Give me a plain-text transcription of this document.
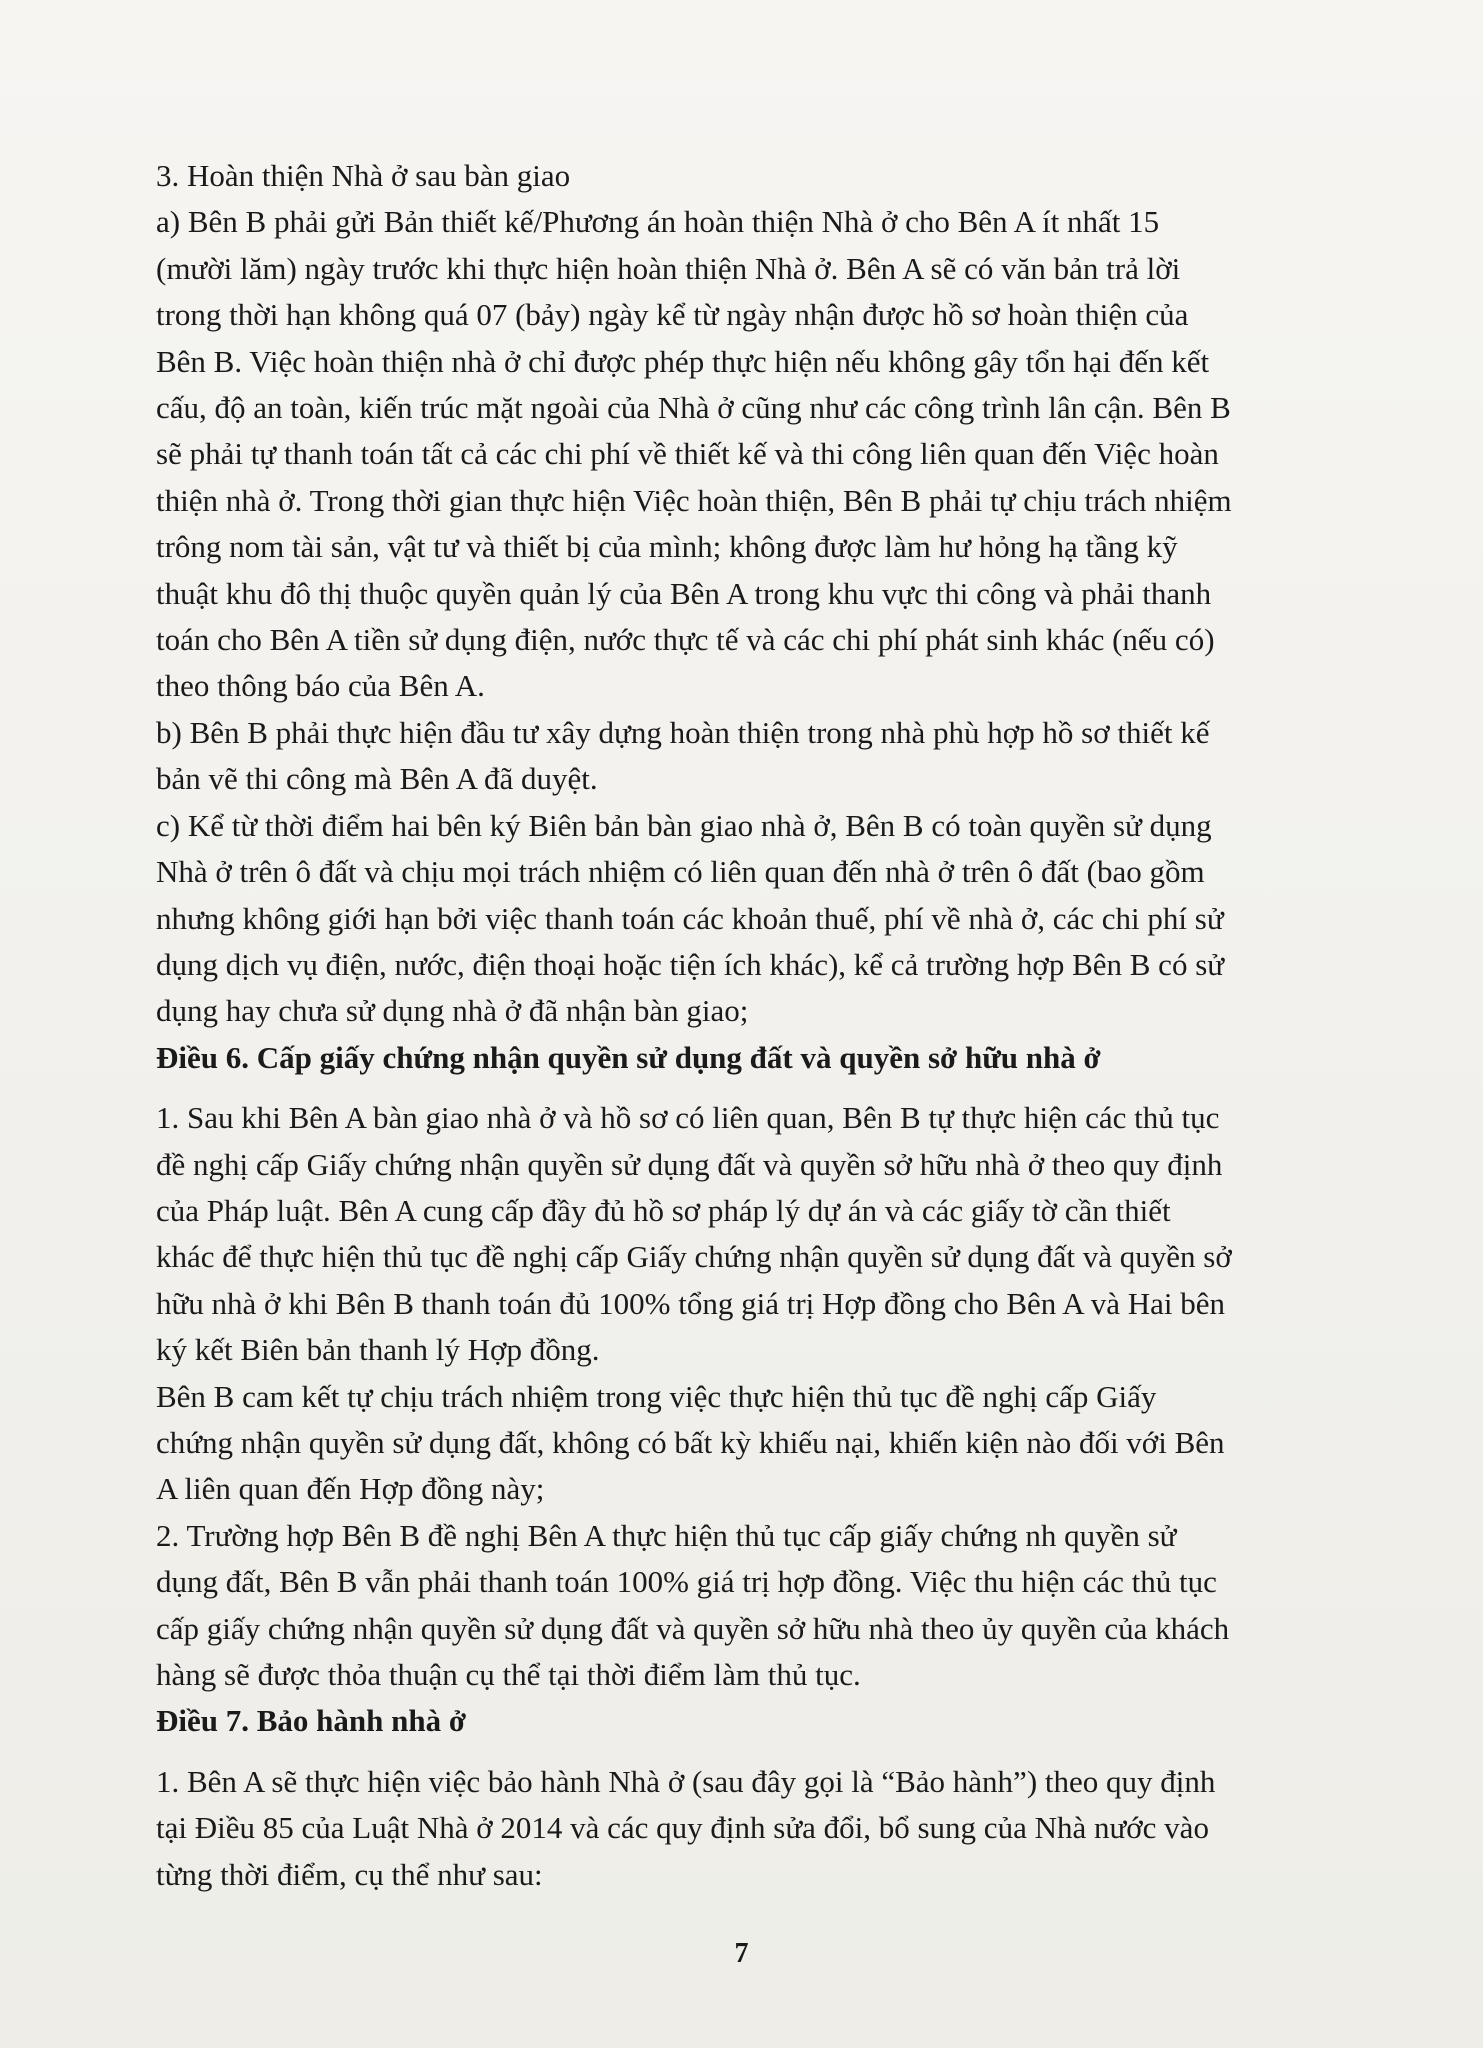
3. Hoàn thiện Nhà ở sau bàn giao

a) Bên B phải gửi Bản thiết kế/Phương án hoàn thiện Nhà ở cho Bên A ít nhất 15

(mười lăm) ngày trước khi thực hiện hoàn thiện Nhà ở. Bên A sẽ có văn bản trả lời

trong thời hạn không quá 07 (bảy) ngày kể từ ngày nhận được hồ sơ hoàn thiện của

Bên B. Việc hoàn thiện nhà ở chỉ được phép thực hiện nếu không gây tổn hại đến kết

cấu, độ an toàn, kiến trúc mặt ngoài của Nhà ở cũng như các công trình lân cận. Bên B

sẽ phải tự thanh toán tất cả các chi phí về thiết kế và thi công liên quan đến Việc hoàn

thiện nhà ở. Trong thời gian thực hiện Việc hoàn thiện, Bên B phải tự chịu trách nhiệm

trông nom tài sản, vật tư và thiết bị của mình; không được làm hư hỏng hạ tầng kỹ

thuật khu đô thị thuộc quyền quản lý của Bên A trong khu vực thi công và phải thanh

toán cho Bên A tiền sử dụng điện, nước thực tế và các chi phí phát sinh khác (nếu có)

theo thông báo của Bên A.

b) Bên B phải thực hiện đầu tư xây dựng hoàn thiện trong nhà phù hợp hồ sơ thiết kế

bản vẽ thi công mà Bên A đã duyệt.

c) Kể từ thời điểm hai bên ký Biên bản bàn giao nhà ở, Bên B có toàn quyền sử dụng

Nhà ở trên ô đất và chịu mọi trách nhiệm có liên quan đến nhà ở trên ô đất (bao gồm

nhưng không giới hạn bởi việc thanh toán các khoản thuế, phí về nhà ở, các chi phí sử

dụng dịch vụ điện, nước, điện thoại hoặc tiện ích khác), kể cả trường hợp Bên B có sử

dụng hay chưa sử dụng nhà ở đã nhận bàn giao;

Điều 6. Cấp giấy chứng nhận quyền sử dụng đất và quyền sở hữu nhà ở

1. Sau khi Bên A bàn giao nhà ở và hồ sơ có liên quan, Bên B tự thực hiện các thủ tục

đề nghị cấp Giấy chứng nhận quyền sử dụng đất và quyền sở hữu nhà ở theo quy định

của Pháp luật. Bên A cung cấp đầy đủ hồ sơ pháp lý dự án và các giấy tờ cần thiết

khác để thực hiện thủ tục đề nghị cấp Giấy chứng nhận quyền sử dụng đất và quyền sở

hữu nhà ở khi Bên B thanh toán đủ 100% tổng giá trị Hợp đồng cho Bên A và Hai bên

ký kết Biên bản thanh lý Hợp đồng.

Bên B cam kết tự chịu trách nhiệm trong việc thực hiện thủ tục đề nghị cấp Giấy

chứng nhận quyền sử dụng đất, không có bất kỳ khiếu nại, khiến kiện nào đối với Bên

A liên quan đến Hợp đồng này;

2. Trường hợp Bên B đề nghị Bên A thực hiện thủ tục cấp giấy chứng nh quyền sử

dụng đất, Bên B vẫn phải thanh toán 100% giá trị hợp đồng. Việc thu hiện các thủ tục

cấp giấy chứng nhận quyền sử dụng đất và quyền sở hữu nhà theo ủy quyền của khách

hàng sẽ được thỏa thuận cụ thể tại thời điểm làm thủ tục.

Điều 7. Bảo hành nhà ở

1. Bên A sẽ thực hiện việc bảo hành Nhà ở (sau đây gọi là “Bảo hành”) theo quy định

tại Điều 85 của Luật Nhà ở 2014 và các quy định sửa đổi, bổ sung của Nhà nước vào

từng thời điểm, cụ thể như sau:

7
